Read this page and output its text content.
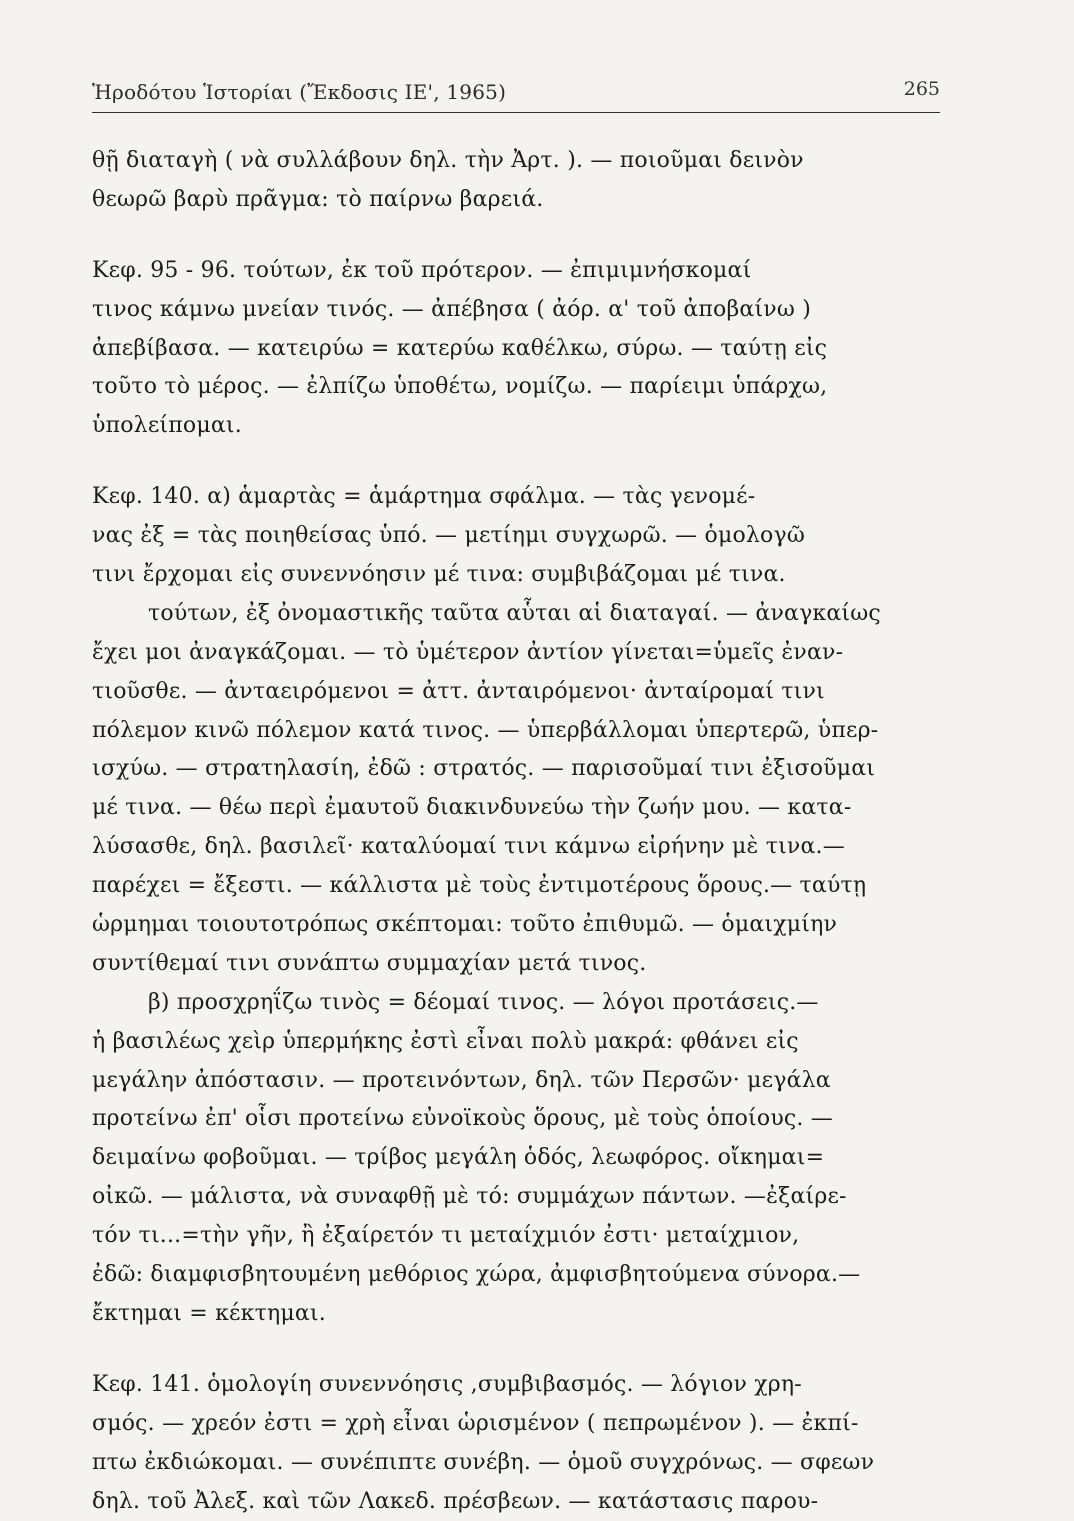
Ἡροδότου Ἱστορίαι (Ἔκδοσις ΙΕ', 1965)	265
θῇ διαταγὴ ( νὰ συλλάβουν δηλ. τὴν Ἀρτ. ). — ποιοῦμαι δεινὸν
θεωρῶ βαρὺ πρᾶγμα: τὸ παίρνω βαρειά.
Κεφ. 95 - 96. τούτων, ἐκ τοῦ πρότερον. — ἐπιμιμνήσκομαί
τινος κάμνω μνείαν τινός. — ἀπέβησα ( ἀόρ. α' τοῦ ἀποβαίνω )
ἀπεβίβασα. — κατειρύω = κατερύω καθέλκω, σύρω. — ταύτῃ εἰς
τοῦτο τὸ μέρος. — ἐλπίζω ὑποθέτω, νομίζω. — παρίειμι ὑπάρχω,
ὑπολείπομαι.
Κεφ. 140. α) ἁμαρτὰς = ἁμάρτημα σφάλμα. — τὰς γενομέ-
νας ἐξ = τὰς ποιηθείσας ὑπό. — μετίημι συγχωρῶ. — ὁμολογῶ
τινι ἔρχομαι εἰς συνεννόησιν μέ τινα: συμβιβάζομαι μέ τινα.
τούτων, ἐξ ὀνομαστικῆς ταῦτα αὗται αἱ διαταγαί. — ἀναγκαίως
ἔχει μοι ἀναγκάζομαι. — τὸ ὑμέτερον ἀντίον γίνεται=ὑμεῖς ἐναν-
τιοῦσθε. — ἀνταειρόμενοι = ἀττ. ἀνταιρόμενοι· ἀνταίρομαί τινι
πόλεμον κινῶ πόλεμον κατά τινος. — ὑπερβάλλομαι ὑπερτερῶ, ὑπερ-
ισχύω. — στρατηλασίη, ἐδῶ : στρατός. — παρισοῦμαί τινι ἐξισοῦμαι
μέ τινα. — θέω περὶ ἐμαυτοῦ διακινδυνεύω τὴν ζωήν μου. — κατα-
λύσασθε, δηλ. βασιλεῖ· καταλύομαί τινι κάμνω εἰρήνην μὲ τινα.—
παρέχει = ἔξεστι. — κάλλιστα μὲ τοὺς ἐντιμοτέρους ὅρους.— ταύτῃ
ὡρμημαι τοιουτοτρόπως σκέπτομαι: τοῦτο ἐπιθυμῶ. — ὁμαιχμίην
συντίθεμαί τινι συνάπτω συμμαχίαν μετά τινος.
β) προσχρηΐζω τινὸς = δέομαί τινος. — λόγοι προτάσεις.—
ἡ βασιλέως χεὶρ ὑπερμήκης ἐστὶ εἶναι πολὺ μακρά: φθάνει εἰς
μεγάλην ἀπόστασιν. — προτεινόντων, δηλ. τῶν Περσῶν· μεγάλα
προτείνω ἐπ' οἷσι προτείνω εὐνοϊκοὺς ὅρους, μὲ τοὺς ὁποίους. —
δειμαίνω φοβοῦμαι. — τρίβος μεγάλη ὁδός, λεωφόρος. οἴκημαι=
οἰκῶ. — μάλιστα, νὰ συναφθῇ μὲ τό: συμμάχων πάντων. —ἐξαίρε-
τόν τι...=τὴν γῆν, ἢ ἐξαίρετόν τι μεταίχμιόν ἐστι· μεταίχμιον,
ἐδῶ: διαμφισβητουμένη μεθόριος χώρα, ἀμφισβητούμενα σύνορα.—
ἔκτημαι = κέκτημαι.
Κεφ. 141. ὁμολογίη συνεννόησις ,συμβιβασμός. — λόγιον χρη-
σμός. — χρεόν ἐστι = χρὴ εἶναι ὡρισμένον ( πεπρωμένον ). — ἐκπί-
πτω ἐκδιώκομαι. — συνέπιπτε συνέβη. — ὁμοῦ συγχρόνως. — σφεων
δηλ. τοῦ Ἀλεξ. καὶ τῶν Λακεδ. πρέσβεων. — κατάστασις παρου-
